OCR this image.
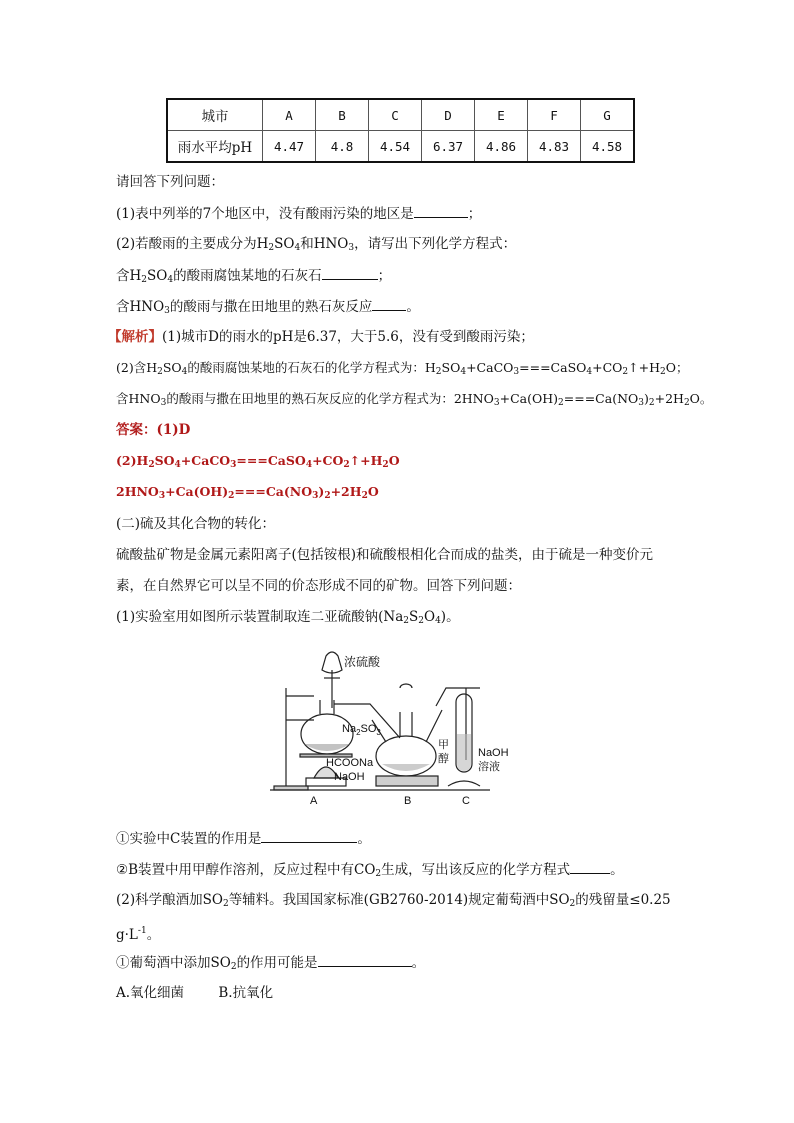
城市	A	B	C	D	E	F	G
雨水平均pH	4.47	4.8	4.54	6.37	4.86	4.83	4.58
请回答下列问题：
(1)表中列举的7个地区中，没有酸雨污染的地区是	；
(2)若酸雨的主要成分为$H_2SO_4$和$HNO_3$，请写出下列化学方程式：
含$H_2SO_4$的酸雨腐蚀某地的石灰石	；
含$HNO_3$的酸雨与撒在田地里的熟石灰反应	。
【解析】(1)城市D的雨水的pH是6.37，大于5.6，没有受到酸雨污染；
(2)含$H_2SO_4$的酸雨腐蚀某地的石灰石的化学方程式为：$H_2SO_4+CaCO_3===CaSO_4+CO_2↑+H_2O$；
含$HNO_3$的酸雨与撒在田地里的熟石灰反应的化学方程式为：$2HNO_3+Ca(OH)_2===Ca(NO_3)_2+2H_2O$。
答案：(1)D
$(2)H_2SO_4+CaCO_3===CaSO_4+CO_2↑+H_2O$
$2HNO_3+Ca(OH)_2===Ca(NO_3)_2+2H_2O$
(二)硫及其化合物的转化：
硫酸盐矿物是金属元素阳离子(包括铵根)和硫酸根相化合而成的盐类，由于硫是一种变价元
素，在自然界它可以呈不同的价态形成不同的矿物。回答下列问题：
(1)实验室用如图所示装置制取连二亚硫酸钠$(Na_2S_2O_4)$。
浓硫酸
$Na_2SO_3$
HCOONa
NaOH
甲
醇	NaOH
溶液
A	B	C
①实验中C装置的作用是	。
②B装置中用甲醇作溶剂，反应过程中有$CO_2$生成，写出该反应的化学方程式	。
(2)科学酿酒加$SO_2$等辅料。我国国家标准(GB2760-2014)规定葡萄酒中$SO_2$的残留量≤0.25
$g\cdot L^{-1}$。
①葡萄酒中添加$SO_2$的作用可能是	。
A.氧化细菌        B.抗氧化
